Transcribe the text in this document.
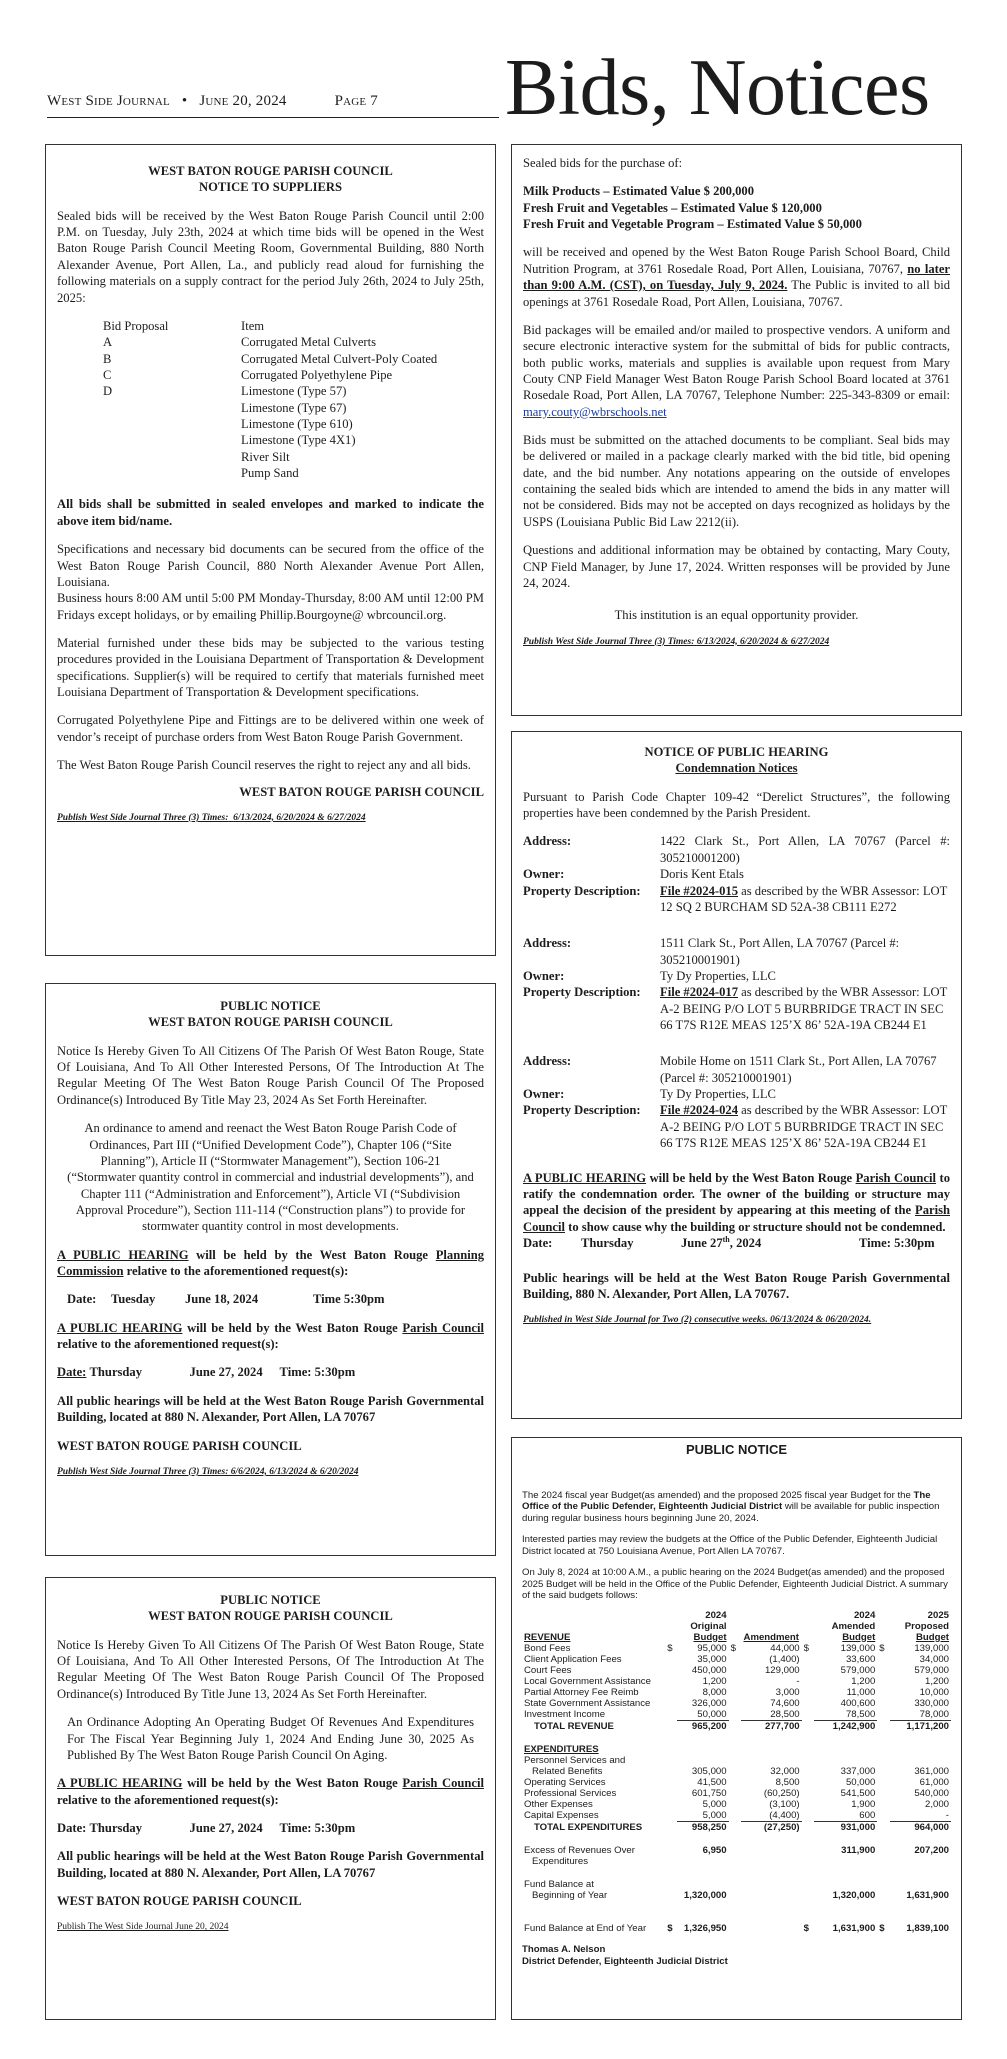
West Side Journal • June 20, 2024	Page 7 Bids, Notices

WEST BATON ROUGE PARISH COUNCIL

NOTICE TO SUPPLIERS

Sealed bids will be received by the West Baton Rouge Parish Council until 2:00 P.M. on Tuesday, July 23th, 2024 at which time bids will be opened in the West Baton Rouge Parish Council Meeting Room, Governmental Building, 880 North Alexander Avenue, Port Allen, La., and publicly read aloud for furnishing the following materials on a supply contract for the period July 26th, 2024 to July 25th, 2025:

Bid Proposal	Item
A	Corrugated Metal Culverts
B	Corrugated Metal Culvert-Poly Coated
C	Corrugated Polyethylene Pipe
D	Limestone (Type 57)
Limestone (Type 67)
Limestone (Type 610)
Limestone (Type 4X1)
River Silt
Pump Sand

All bids shall be submitted in sealed envelopes and marked to indicate the above item bid/name.

Specifications and necessary bid documents can be secured from the office of the West Baton Rouge Parish Council, 880 North Alexander Avenue Port Allen, Louisiana.

Business hours 8:00 AM until 5:00 PM Monday-Thursday, 8:00 AM until 12:00 PM Fridays except holidays, or by emailing Phillip.Bourgoyne@ wbrcouncil.org.

Material furnished under these bids may be subjected to the various testing procedures provided in the Louisiana Department of Transportation & Development specifications. Supplier(s) will be required to certify that materials furnished meet Louisiana Department of Transportation & Development specifications.

Corrugated Polyethylene Pipe and Fittings are to be delivered within one week of vendor’s receipt of purchase orders from West Baton Rouge Parish Government.

The West Baton Rouge Parish Council reserves the right to reject any and all bids.

WEST BATON ROUGE PARISH COUNCIL

Publish West Side Journal Three (3) Times: 6/13/2024, 6/20/2024 & 6/27/2024

PUBLIC NOTICE

WEST BATON ROUGE PARISH COUNCIL

Notice Is Hereby Given To All Citizens Of The Parish Of West Baton Rouge, State Of Louisiana, And To All Other Interested Persons, Of The Introduction At The Regular Meeting Of The West Baton Rouge Parish Council Of The Proposed Ordinance(s) Introduced By Title May 23, 2024 As Set Forth Hereinafter.

An ordinance to amend and reenact the West Baton Rouge Parish Code of Ordinances, Part III (“Unified Development Code”), Chapter 106 (“Site Planning”), Article II (“Stormwater Management”), Section 106-21 (“Stormwater quantity control in commercial and industrial developments”), and Chapter 111 (“Administration and Enforcement”), Article VI (“Subdivision Approval Procedure”), Section 111-114 (“Construction plans”) to provide for stormwater quantity control in most developments.

A PUBLIC HEARING will be held by the West Baton Rouge Planning Commission relative to the aforementioned request(s):

Date: Tuesday June 18, 2024	Time 5:30pm

A PUBLIC HEARING will be held by the West Baton Rouge Parish Council relative to the aforementioned request(s):

Date: Thursday	June 27, 2024 Time: 5:30pm

All public hearings will be held at the West Baton Rouge Parish Governmental Building, located at 880 N. Alexander, Port Allen, LA 70767

WEST BATON ROUGE PARISH COUNCIL

Publish West Side Journal Three (3) Times: 6/6/2024, 6/13/2024 & 6/20/2024

PUBLIC NOTICE

WEST BATON ROUGE PARISH COUNCIL

Notice Is Hereby Given To All Citizens Of The Parish Of West Baton Rouge, State Of Louisiana, And To All Other Interested Persons, Of The Introduction At The Regular Meeting Of The West Baton Rouge Parish Council Of The Proposed Ordinance(s) Introduced By Title June 13, 2024 As Set Forth Hereinafter.

An Ordinance Adopting An Operating Budget Of Revenues And Expenditures For The Fiscal Year Beginning July 1, 2024 And Ending June 30, 2025 As Published By The West Baton Rouge Parish Council On Aging.

A PUBLIC HEARING will be held by the West Baton Rouge Parish Council relative to the aforementioned request(s):

Date: Thursday	June 27, 2024 Time: 5:30pm

All public hearings will be held at the West Baton Rouge Parish Governmental Building, located at 880 N. Alexander, Port Allen, LA 70767

WEST BATON ROUGE PARISH COUNCIL

Publish The West Side Journal June 20, 2024

Sealed bids for the purchase of:

Milk Products – Estimated Value $ 200,000

Fresh Fruit and Vegetables – Estimated Value $ 120,000

Fresh Fruit and Vegetable Program – Estimated Value $ 50,000

will be received and opened by the West Baton Rouge Parish School Board, Child Nutrition Program, at 3761 Rosedale Road, Port Allen, Louisiana, 70767, no later than 9:00 A.M. (CST), on Tuesday, July 9, 2024. The Public is invited to all bid openings at 3761 Rosedale Road, Port Allen, Louisiana, 70767.

Bid packages will be emailed and/or mailed to prospective vendors. A uniform and secure electronic interactive system for the submittal of bids for public contracts, both public works, materials and supplies is available upon request from Mary Couty CNP Field Manager West Baton Rouge Parish School Board located at 3761 Rosedale Road, Port Allen, LA 70767, Telephone Number: 225-343-8309 or email: mary.couty@wbrschools.net

Bids must be submitted on the attached documents to be compliant. Seal bids may be delivered or mailed in a package clearly marked with the bid title, bid opening date, and the bid number. Any notations appearing on the outside of envelopes containing the sealed bids which are intended to amend the bids in any matter will not be considered. Bids may not be accepted on days recognized as holidays by the USPS (Louisiana Public Bid Law 2212(ii).

Questions and additional information may be obtained by contacting, Mary Couty, CNP Field Manager, by June 17, 2024. Written responses will be provided by June 24, 2024.

This institution is an equal opportunity provider.

Publish West Side Journal Three (3) Times: 6/13/2024, 6/20/2024 & 6/27/2024

NOTICE OF PUBLIC HEARING

Condemnation Notices

Pursuant to Parish Code Chapter 109-42 “Derelict Structures”, the following properties have been condemned by the Parish President.

Address:	1422 Clark St., Port Allen, LA 70767 (Parcel #: 305210001200)
Owner:	Doris Kent Etals
Property Description:	File #2024-015 as described by the WBR Assessor: LOT 12 SQ 2 BURCHAM SD 52A-38 CB111 E272
Address:	1511 Clark St., Port Allen, LA 70767 (Parcel #: 305210001901)
Owner:	Ty Dy Properties, LLC
Property Description:	File #2024-017 as described by the WBR Assessor: LOT A-2 BEING P/O LOT 5 BURBRIDGE TRACT IN SEC 66 T7S R12E MEAS 125’X 86’ 52A-19A CB244 E1
Address:	Mobile Home on 1511 Clark St., Port Allen, LA 70767 (Parcel #: 305210001901)
Owner:	Ty Dy Properties, LLC
Property Description:	File #2024-024 as described by the WBR Assessor: LOT A-2 BEING P/O LOT 5 BURBRIDGE TRACT IN SEC 66 T7S R12E MEAS 125’X 86’ 52A-19A CB244 E1

A PUBLIC HEARING will be held by the West Baton Rouge Parish Council to ratify the condemnation order. The owner of the building or structure may appeal the decision of the president by appearing at this meeting of the Parish Council to show cause why the building or structure should not be condemned.

Date: Thursday	June 27th, 2024	Time: 5:30pm

Public hearings will be held at the West Baton Rouge Parish Governmental Building, 880 N. Alexander, Port Allen, LA 70767.

Published in West Side Journal for Two (2) consecutive weeks. 06/13/2024 & 06/20/2024.

PUBLIC NOTICE

The 2024 fiscal year Budget(as amended) and the proposed 2025 fiscal year Budget for the The Office of the Public Defender, Eighteenth Judicial District will be available for public inspection during regular business hours beginning June 20, 2024.

Interested parties may review the budgets at the Office of the Public Defender, Eighteenth Judicial District located at 750 Louisiana Avenue, Port Allen LA 70767.

On July 8, 2024 at 10:00 A.M., a public hearing on the 2024 Budget(as amended) and the proposed 2025 Budget will be held in the Office of the Public Defender, Eighteenth Judicial District. A summary of the said budgets follows:

		2024				2024		2025
		Original				Amended		Proposed
REVENUE		Budget		Amendment		Budget		Budget
Bond Fees	$	95,000	$	44,000	$	139,000	$	139,000
Client Application Fees		35,000		(1,400)		33,600		34,000
Court Fees		450,000		129,000		579,000		579,000
Local Government Assistance		1,200		-		1,200		1,200
Partial Attorney Fee Reimb		8,000		3,000		11,000		10,000
State Government Assistance		326,000		74,600		400,600		330,000
Investment Income		50,000		28,500		78,500		78,000
TOTAL REVENUE		965,200		277,700		1,242,900		1,171,200

EXPENDITURES								
Personnel Services and								
Related Benefits		305,000		32,000		337,000		361,000
Operating Services		41,500		8,500		50,000		61,000
Professional Services		601,750		(60,250)		541,500		540,000
Other Expenses		5,000		(3,100)		1,900		2,000
Capital Expenses		5,000		(4,400)		600		-
TOTAL EXPENDITURES		958,250		(27,250)		931,000		964,000

Excess of Revenues Over		6,950				311,900		207,200
Expenditures								

Fund Balance at								
Beginning of Year		1,320,000				1,320,000		1,631,900

Fund Balance at End of Year	$	1,326,950			$	1,631,900	$	1,839,100

Thomas A. Nelson

District Defender, Eighteenth Judicial District
